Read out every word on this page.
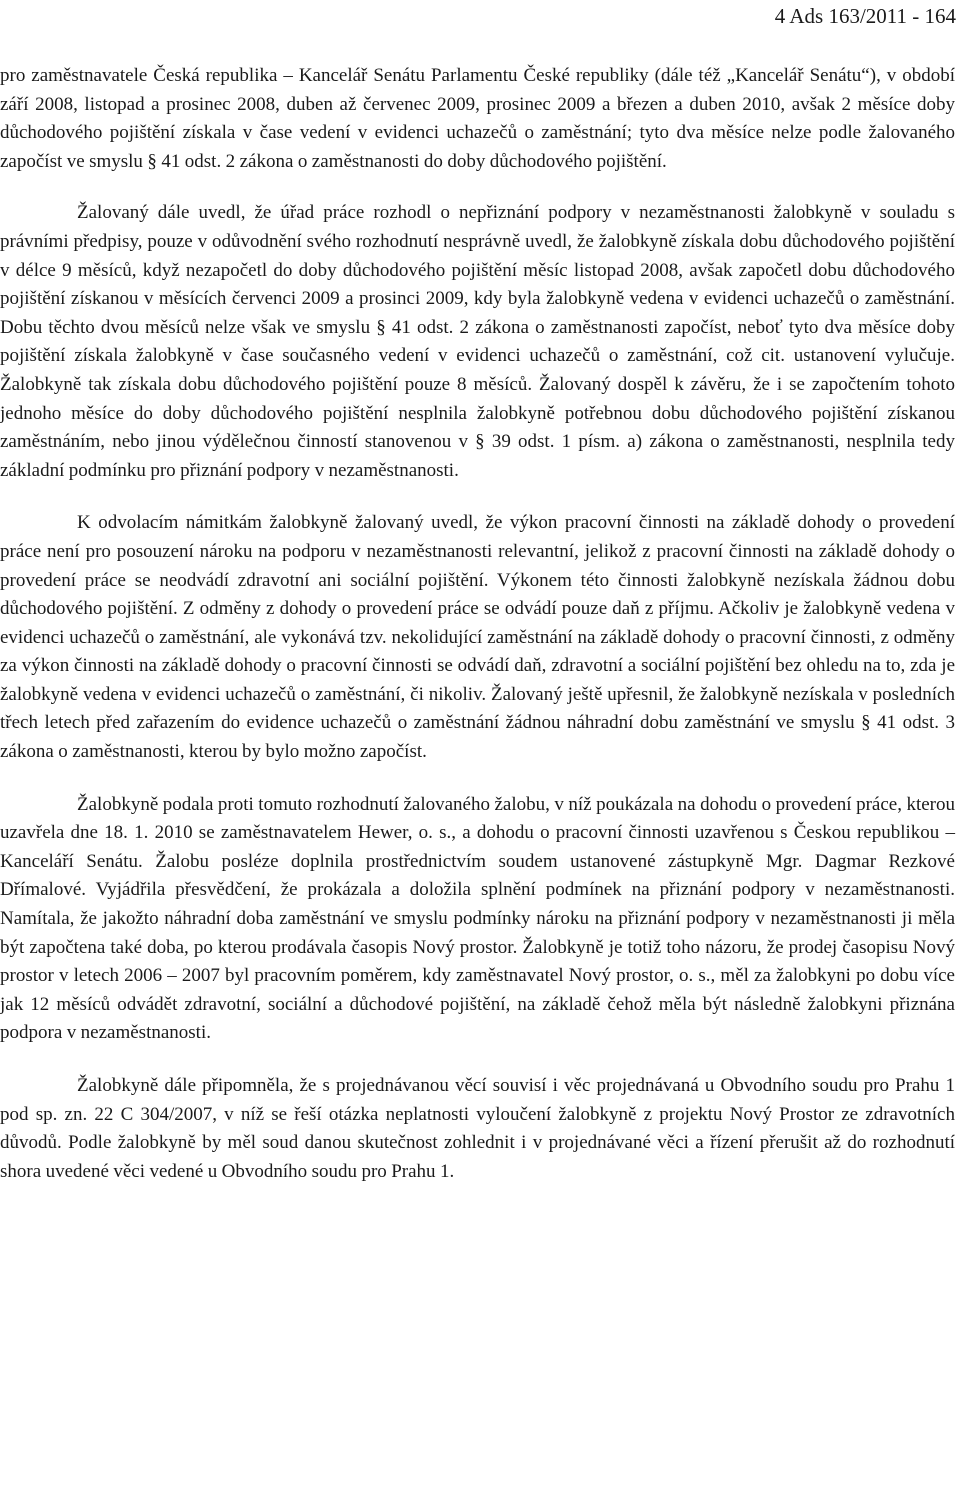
4 Ads 163/2011 - 164

pro zaměstnavatele Česká republika – Kancelář Senátu Parlamentu České republiky (dále též „Kancelář Senátu“), v období září 2008, listopad a prosinec 2008, duben až červenec 2009, prosinec 2009 a březen a duben 2010, avšak 2 měsíce doby důchodového pojištění získala v čase vedení v evidenci uchazečů o zaměstnání; tyto dva měsíce nelze podle žalovaného započíst ve smyslu § 41 odst. 2 zákona o zaměstnanosti do doby důchodového pojištění.

Žalovaný dále uvedl, že úřad práce rozhodl o nepřiznání podpory v nezaměstnanosti žalobkyně v souladu s právními předpisy, pouze v odůvodnění svého rozhodnutí nesprávně uvedl, že žalobkyně získala dobu důchodového pojištění v délce 9 měsíců, když nezapočetl do doby důchodového pojištění měsíc listopad 2008, avšak započetl dobu důchodového pojištění získanou v měsících červenci 2009 a prosinci 2009, kdy byla žalobkyně vedena v evidenci uchazečů o zaměstnání. Dobu těchto dvou měsíců nelze však ve smyslu § 41 odst. 2 zákona o zaměstnanosti započíst, neboť tyto dva měsíce doby pojištění získala žalobkyně v čase současného vedení v evidenci uchazečů o zaměstnání, což cit. ustanovení vylučuje. Žalobkyně tak získala dobu důchodového pojištění pouze 8 měsíců. Žalovaný dospěl k závěru, že i se započtením tohoto jednoho měsíce do doby důchodového pojištění nesplnila žalobkyně potřebnou dobu důchodového pojištění získanou zaměstnáním, nebo jinou výdělečnou činností stanovenou v § 39 odst. 1 písm. a) zákona o zaměstnanosti, nesplnila tedy základní podmínku pro přiznání podpory v nezaměstnanosti.

K odvolacím námitkám žalobkyně žalovaný uvedl, že výkon pracovní činnosti na základě dohody o provedení práce není pro posouzení nároku na podporu v nezaměstnanosti relevantní, jelikož z pracovní činnosti na základě dohody o provedení práce se neodvádí zdravotní ani sociální pojištění. Výkonem této činnosti žalobkyně nezískala žádnou dobu důchodového pojištění. Z odměny z dohody o provedení práce se odvádí pouze daň z příjmu. Ačkoliv je žalobkyně vedena v evidenci uchazečů o zaměstnání, ale vykonává tzv. nekolidující zaměstnání na základě dohody o pracovní činnosti, z odměny za výkon činnosti na základě dohody o pracovní činnosti se odvádí daň, zdravotní a sociální pojištění bez ohledu na to, zda je žalobkyně vedena v evidenci uchazečů o zaměstnání, či nikoliv. Žalovaný ještě upřesnil, že žalobkyně nezískala v posledních třech letech před zařazením do evidence uchazečů o zaměstnání žádnou náhradní dobu zaměstnání ve smyslu § 41 odst. 3 zákona o zaměstnanosti, kterou by bylo možno započíst.

Žalobkyně podala proti tomuto rozhodnutí žalovaného žalobu, v níž poukázala na dohodu o provedení práce, kterou uzavřela dne 18. 1. 2010 se zaměstnavatelem Hewer, o. s., a dohodu o pracovní činnosti uzavřenou s Českou republikou – Kanceláří Senátu. Žalobu posléze doplnila prostřednictvím soudem ustanovené zástupkyně Mgr. Dagmar Rezkové Dřímalové. Vyjádřila přesvědčení, že prokázala a doložila splnění podmínek na přiznání podpory v nezaměstnanosti. Namítala, že jakožto náhradní doba zaměstnání ve smyslu podmínky nároku na přiznání podpory v nezaměstnanosti ji měla být započtena také doba, po kterou prodávala časopis Nový prostor. Žalobkyně je totiž toho názoru, že prodej časopisu Nový prostor v letech 2006 – 2007 byl pracovním poměrem, kdy zaměstnavatel Nový prostor, o. s., měl za žalobkyni po dobu více jak 12 měsíců odvádět zdravotní, sociální a důchodové pojištění, na základě čehož měla být následně žalobkyni přiznána podpora v nezaměstnanosti.

Žalobkyně dále připomněla, že s projednávanou věcí souvisí i věc projednávaná u Obvodního soudu pro Prahu 1 pod sp. zn. 22 C 304/2007, v níž se řeší otázka neplatnosti vyloučení žalobkyně z projektu Nový Prostor ze zdravotních důvodů. Podle žalobkyně by měl soud danou skutečnost zohlednit i v projednávané věci a řízení přerušit až do rozhodnutí shora uvedené věci vedené u Obvodního soudu pro Prahu 1.
